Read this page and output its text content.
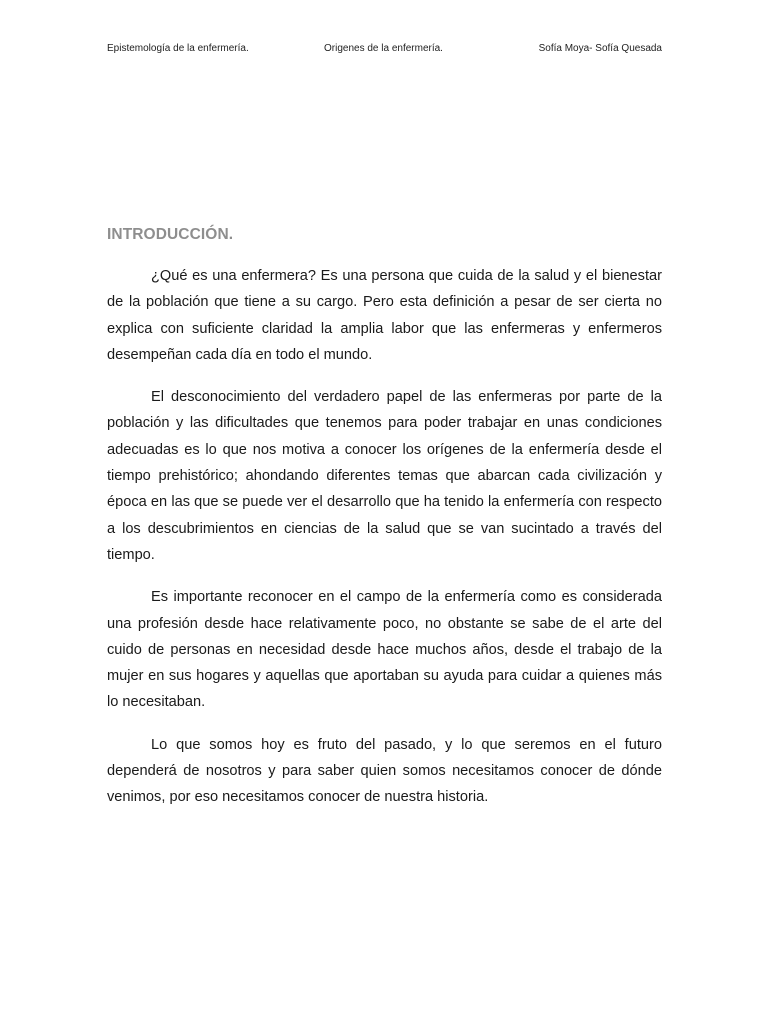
Epistemología de la enfermería.	Origenes de la enfermería.	Sofía Moya- Sofía Quesada
INTRODUCCIÓN.

¿Qué es una enfermera? Es una persona que cuida de la salud y el bienestar de la población que tiene a su cargo. Pero esta definición a pesar de ser cierta no explica con suficiente claridad la amplia labor que las enfermeras y enfermeros desempeñan cada día en todo el mundo.

El desconocimiento del verdadero papel de las enfermeras por parte de la población y las dificultades que tenemos para poder trabajar en unas condiciones adecuadas es lo que nos motiva a conocer los orígenes de la enfermería desde el tiempo prehistórico; ahondando diferentes temas que abarcan cada civilización y época en las que se puede ver el desarrollo que ha tenido la enfermería con respecto a los descubrimientos en ciencias de la salud que se van sucintado a través del tiempo.

Es importante reconocer en el campo de la enfermería como es considerada una profesión desde hace relativamente poco, no obstante se sabe de el arte del cuido de personas en necesidad desde hace muchos años, desde el trabajo de la mujer en sus hogares y aquellas que aportaban su ayuda para cuidar a quienes más lo necesitaban.

Lo que somos hoy es fruto del pasado, y lo que seremos en el futuro dependerá de nosotros y para saber quien somos necesitamos conocer de dónde venimos, por eso necesitamos conocer de nuestra historia.
